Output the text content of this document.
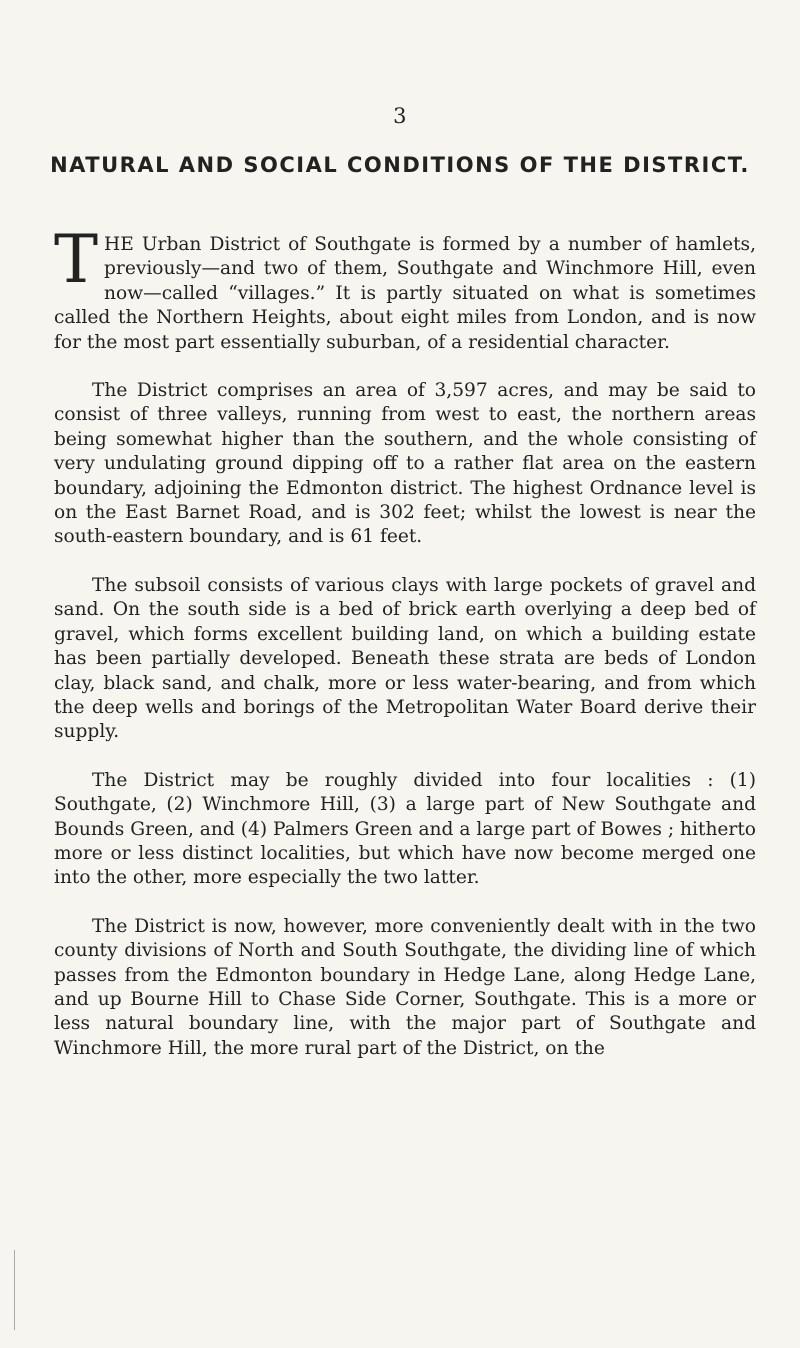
3
NATURAL AND SOCIAL CONDITIONS OF THE DISTRICT.

THE Urban District of Southgate is formed by a number of hamlets, previously—and two of them, Southgate and Winchmore Hill, even now—called “villages.” It is partly situated on what is sometimes called the Northern Heights, about eight miles from London, and is now for the most part essentially suburban, of a residential character.

The District comprises an area of 3,597 acres, and may be said to consist of three valleys, running from west to east, the northern areas being somewhat higher than the southern, and the whole consisting of very undulating ground dipping off to a rather flat area on the eastern boundary, adjoining the Edmonton district. The highest Ordnance level is on the East Barnet Road, and is 302 feet; whilst the lowest is near the south-eastern boundary, and is 61 feet.

The subsoil consists of various clays with large pockets of gravel and sand. On the south side is a bed of brick earth overlying a deep bed of gravel, which forms excellent building land, on which a building estate has been partially developed. Beneath these strata are beds of London clay, black sand, and chalk, more or less water-bearing, and from which the deep wells and borings of the Metropolitan Water Board derive their supply.

The District may be roughly divided into four localities : (1) Southgate, (2) Winchmore Hill, (3) a large part of New Southgate and Bounds Green, and (4) Palmers Green and a large part of Bowes ; hitherto more or less distinct localities, but which have now become merged one into the other, more especially the two latter.

The District is now, however, more conveniently dealt with in the two county divisions of North and South Southgate, the dividing line of which passes from the Edmonton boundary in Hedge Lane, along Hedge Lane, and up Bourne Hill to Chase Side Corner, Southgate. This is a more or less natural boundary line, with the major part of Southgate and Winchmore Hill, the more rural part of the District, on the
